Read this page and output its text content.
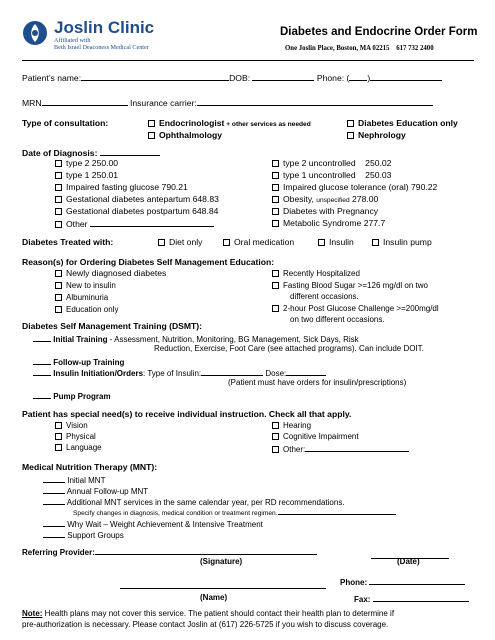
Joslin Clinic
Affiliated with
Beth Israel Deaconess Medical Center
Diabetes and Endocrine Order Form
One Joslin Place, Boston, MA 02215 617 732 2400
Patient’s name:	DOB:	Phone: ( )
MRN	Insurance carrier:
Type of consultation:	Endocrinologist + other services as needed
Ophthalmology
Diabetes Education only
Nephrology
Date of Diagnosis:
type 2 250.00
type 1 250.01
Impaired fasting glucose 790.21
Gestational diabetes antepartum 648.83
Gestational diabetes postpartum 648.84
Other
type 2 uncontrolled    250.02
type 1 uncontrolled    250.03
Impaired glucose tolerance (oral) 790.22
Obesity, unspecified 278.00
Diabetes with Pregnancy
Metabolic Syndrome 277.7
Diabetes Treated with:	Diet only	Oral medication	Insulin	Insulin pump
Reason(s) for Ordering Diabetes Self Management Education:
Newly diagnosed diabetes
New to insulin
Albuminuria
Education only
Recently Hospitalized
Fasting Blood Sugar >=126 mg/dl on two
different occasions.
2-hour Post Glucose Challenge >=200mg/dl
on two different occasions.
Diabetes Self Management Training (DSMT):
Initial Training - Assessment, Nutrition, Monitoring, BG Management, Sick Days, Risk
Reduction, Exercise, Foot Care (see attached programs). Can include DOIT.
Follow-up Training
Insulin Initiation/Orders: Type of Insulin:	Dose:
(Patient must have orders for insulin/prescriptions)
Pump Program
Patient has special need(s) to receive individual instruction. Check all that apply.
Vision
Physical
Language
Hearing
Cognitive Impairment
Other:
Medical Nutrition Therapy (MNT):
Initial MNT
Annual Follow-up MNT
Additional MNT services in the same calendar year, per RD recommendations.
Specify changes in diagnosis, medical condition or treatment regimen.
Why Wait – Weight Achievement & Intensive Treatment
Support Groups
Referring Provider:
(Signature)	(Date)
Phone:
(Name)	Fax:
Note: Health plans may not cover this service. The patient should contact their health plan to determine if
pre-authorization is necessary. Please contact Joslin at (617) 226-5725 if you wish to discuss coverage.
